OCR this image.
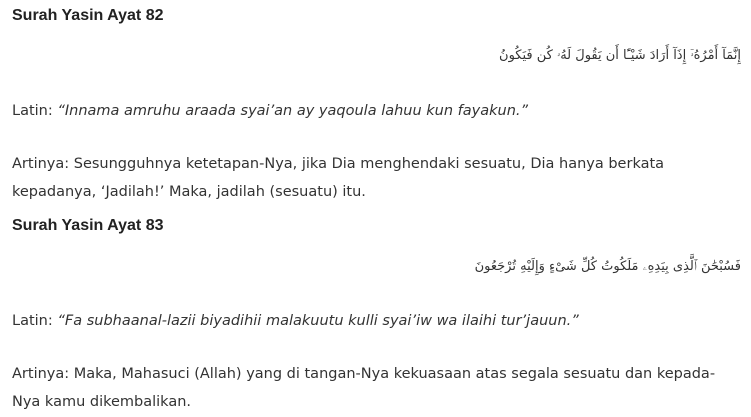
Surah Yasin Ayat 82

إِنَّمَآ أَمْرُهُۥٓ إِذَآ أَرَادَ شَيْـًٔا أَن يَقُولَ لَهُۥ كُن فَيَكُونُ

Latin: “Innama amruhu araada syai’an ay yaqoula lahuu kun fayakun.”

Artinya: Sesungguhnya ketetapan-Nya, jika Dia menghendaki sesuatu, Dia hanya berkata kepadanya, ‘Jadilah!’ Maka, jadilah (sesuatu) itu.

Surah Yasin Ayat 83

فَسُبْحَٰنَ ٱلَّذِى بِيَدِهِۦ مَلَكُوتُ كُلِّ شَىْءٍ وَإِلَيْهِ تُرْجَعُونَ

Latin: “Fa subhaanal-lazii biyadihii malakuutu kulli syai’iw wa ilaihi tur’jauun.”

Artinya: Maka, Mahasuci (Allah) yang di tangan-Nya kekuasaan atas segala sesuatu dan kepada-Nya kamu dikembalikan.
